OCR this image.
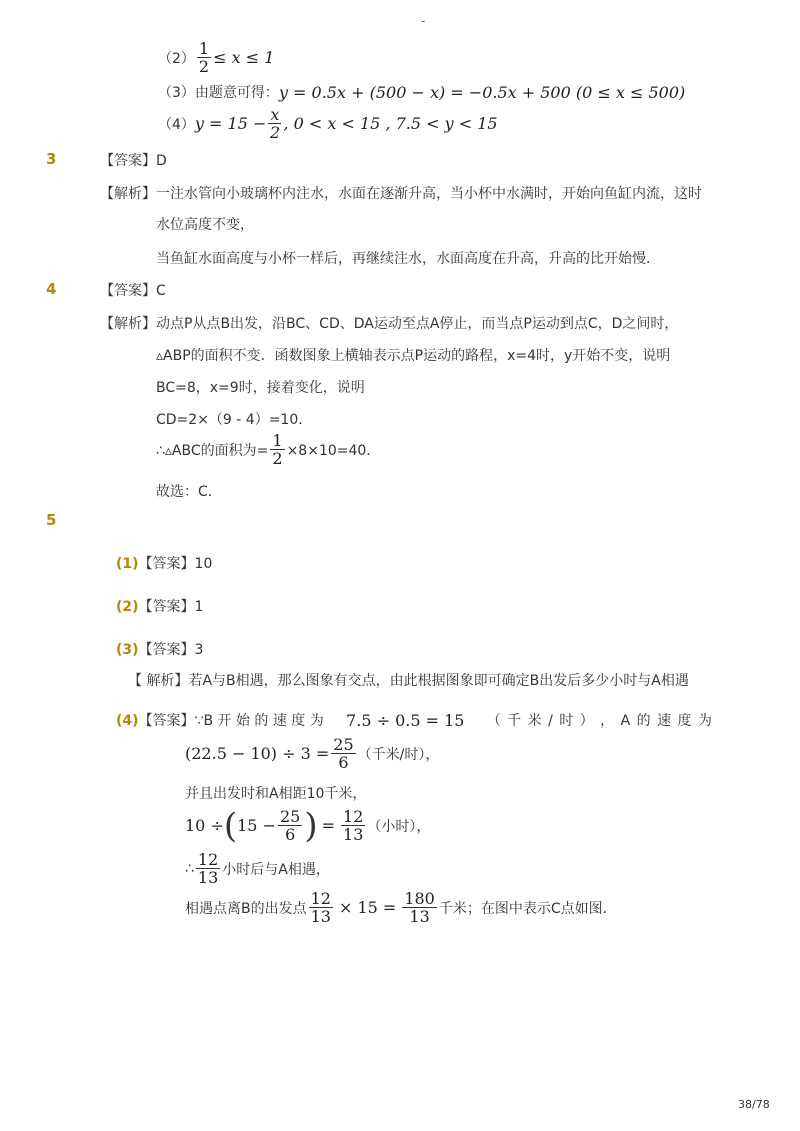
-
$(2) \frac{1}{2} \le x \le 1$
（3）由题意可得： y = 0.5x + (500 − x) = −0.5x + 500 (0 ≤ x ≤ 500)
（4） $y = 15 - \frac{x}{2}$ , 0 < x < 15 , 7.5 < y < 15
3	【答案】D
【解析】 一注水管向小玻璃杯内注水，水面在逐渐升高，当小杯中水满时，开始向鱼缸内流，这时
水位高度不变，
当鱼缸水面高度与小杯一样后，再继续注水，水面高度在升高，升高的比开始慢．
4	【答案】C
【解析】 动点P从点B出发，沿BC、CD、DA运动至点A停止，而当点P运动到点C，D之间时，
▵ABP的面积不变．函数图象上横轴表示点P运动的路程，x=4时，y开始不变，说明
BC=8，x=9时，接着变化，说明
CD=2×（9 - 4）=10．
∴▵ABC的面积为= $\frac{1}{2} \times 8\times 10=40$．
故选：C．
5
(1)【答案】10
(2)【答案】1
(3)【答案】3
【 解析】若A与B相遇，那么图象有交点，由此根据图象即可确定B出发后多少小时与A相遇
(4)【答案】∵B 开 始 的 速 度 为 7.5 ÷ 0.5 = 15 （ 千 米 / 时 ） ， A 的 速 度 为
$(22.5 - 10) \div 3 = \frac{25}{6}$ （千米/时），
并且出发时和A相距10千米，
10 ÷ ( $15 - \frac{25}{6}$ ) = $\frac{12}{13}$ （小时），
∴ $\frac{12}{13}$ 小时后与A相遇，
相遇点离B的出发点 $\frac{12}{13} \times 15 = \frac{180}{13}$ 千米；在图中表示C点如图．
38/78
